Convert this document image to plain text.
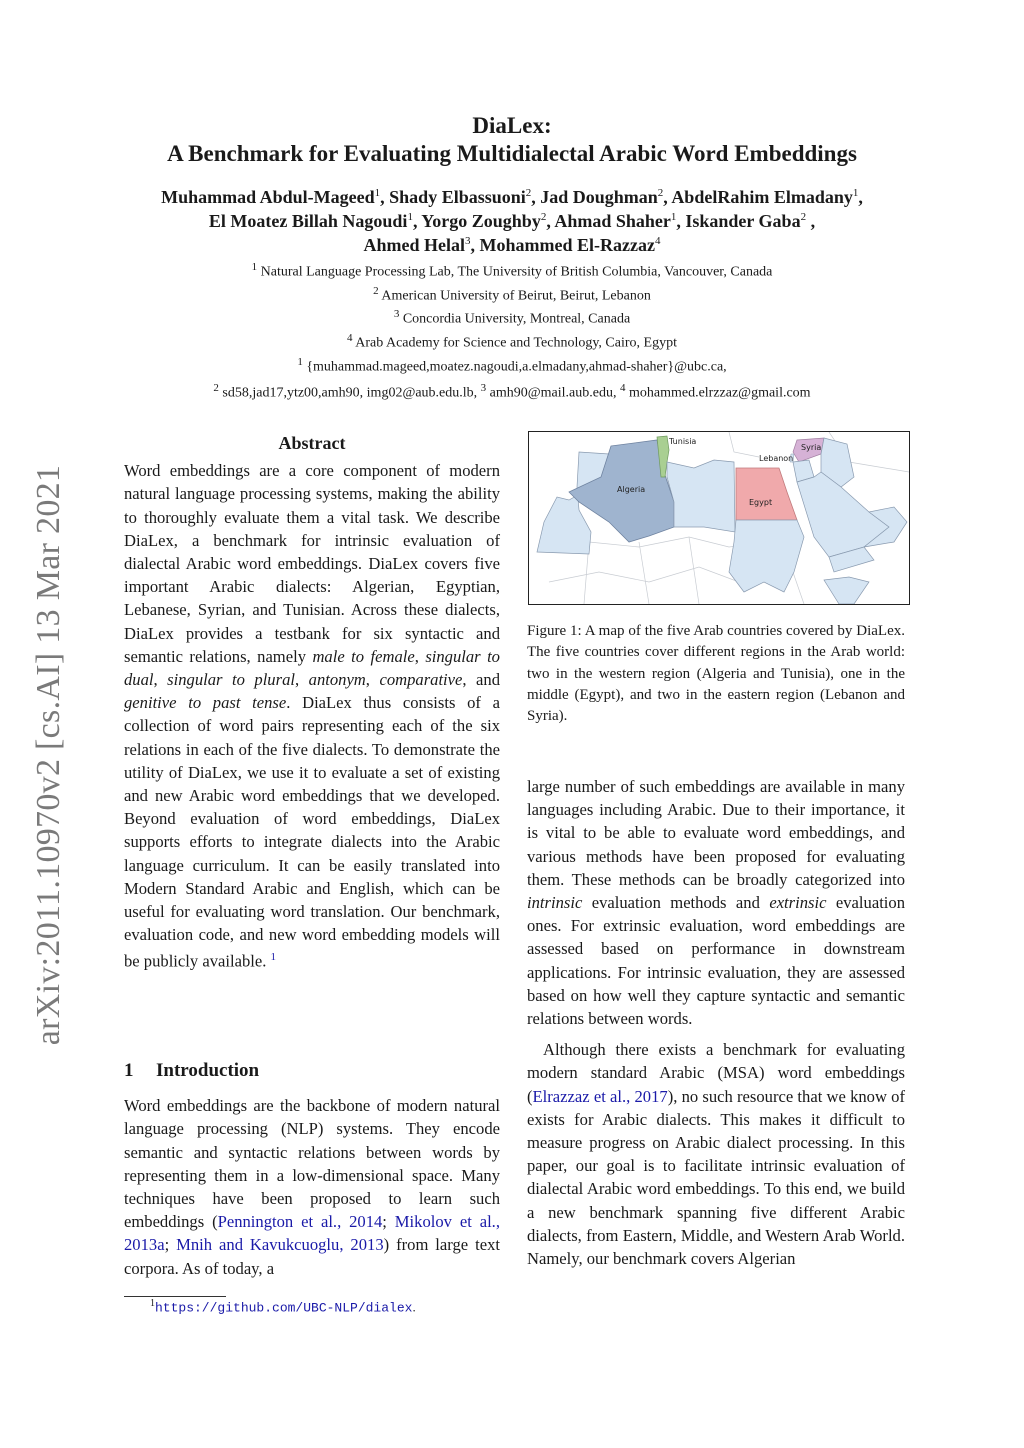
DiaLex:
A Benchmark for Evaluating Multidialectal Arabic Word Embeddings
Muhammad Abdul-Mageed$^1$, Shady Elbassuoni$^2$, Jad Doughman$^2$, AbdelRahim Elmadany$^1$,
El Moatez Billah Nagoudi$^1$, Yorgo Zoughby$^2$, Ahmad Shaher$^1$, Iskander Gaba$^2$ ,
Ahmed Helal$^3$, Mohammed El-Razzaz$^4$
$^1$ Natural Language Processing Lab, The University of British Columbia, Vancouver, Canada
$^2$ American University of Beirut, Beirut, Lebanon
$^3$ Concordia University, Montreal, Canada
$^4$ Arab Academy for Science and Technology, Cairo, Egypt
$^1$ {muhammad.mageed,moatez.nagoudi,a.elmadany,ahmad-shaher}@ubc.ca,
$^2$ sd58,jad17,ytz00,amh90, img02@aub.edu.lb, $^3$ amh90@mail.aub.edu, $^4$ mohammed.elrzzaz@gmail.com
arXiv:2011.10970v2 [cs.AI] 13 Mar 2021
Abstract

Word embeddings are a core component of modern natural language processing systems, making the ability to thoroughly evaluate them a vital task. We describe DiaLex, a benchmark for intrinsic evaluation of dialectal Arabic word embeddings. DiaLex covers five important Arabic dialects: Algerian, Egyptian, Lebanese, Syrian, and Tunisian. Across these dialects, DiaLex provides a testbank for six syntactic and semantic relations, namely male to female, singular to dual, singular to plural, antonym, comparative, and genitive to past tense. DiaLex thus consists of a collection of word pairs representing each of the six relations in each of the five dialects. To demonstrate the utility of DiaLex, we use it to evaluate a set of existing and new Arabic word embeddings that we developed. Beyond evaluation of word embeddings, DiaLex supports efforts to integrate dialects into the Arabic language curriculum. It can be easily translated into Modern Standard Arabic and English, which can be useful for evaluating word translation. Our benchmark, evaluation code, and new word embedding models will be publicly available. $^1$

1 Introduction

Word embeddings are the backbone of modern natural language processing (NLP) systems. They encode semantic and syntactic relations between words by representing them in a low-dimensional space. Many techniques have been proposed to learn such embeddings (Pennington et al., 2014; Mikolov et al., 2013a; Mnih and Kavukcuoglu, 2013) from large text corpora. As of today, a

$^1$https://github.com/UBC-NLP/dialex.
Algeria
Tunisia
Egypt
Lebanon
Syria
Figure 1: A map of the five Arab countries covered by DiaLex. The five countries cover different regions in the Arab world: two in the western region (Algeria and Tunisia), one in the middle (Egypt), and two in the eastern region (Lebanon and Syria).

large number of such embeddings are available in many languages including Arabic. Due to their importance, it is vital to be able to evaluate word embeddings, and various methods have been proposed for evaluating them. These methods can be broadly categorized into intrinsic evaluation methods and extrinsic evaluation ones. For extrinsic evaluation, word embeddings are assessed based on performance in downstream applications. For intrinsic evaluation, they are assessed based on how well they capture syntactic and semantic relations between words.

Although there exists a benchmark for evaluating modern standard Arabic (MSA) word embeddings (Elrazzaz et al., 2017), no such resource that we know of exists for Arabic dialects. This makes it difficult to measure progress on Arabic dialect processing. In this paper, our goal is to facilitate intrinsic evaluation of dialectal Arabic word embeddings. To this end, we build a new benchmark spanning five different Arabic dialects, from Eastern, Middle, and Western Arab World. Namely, our benchmark covers Algerian
